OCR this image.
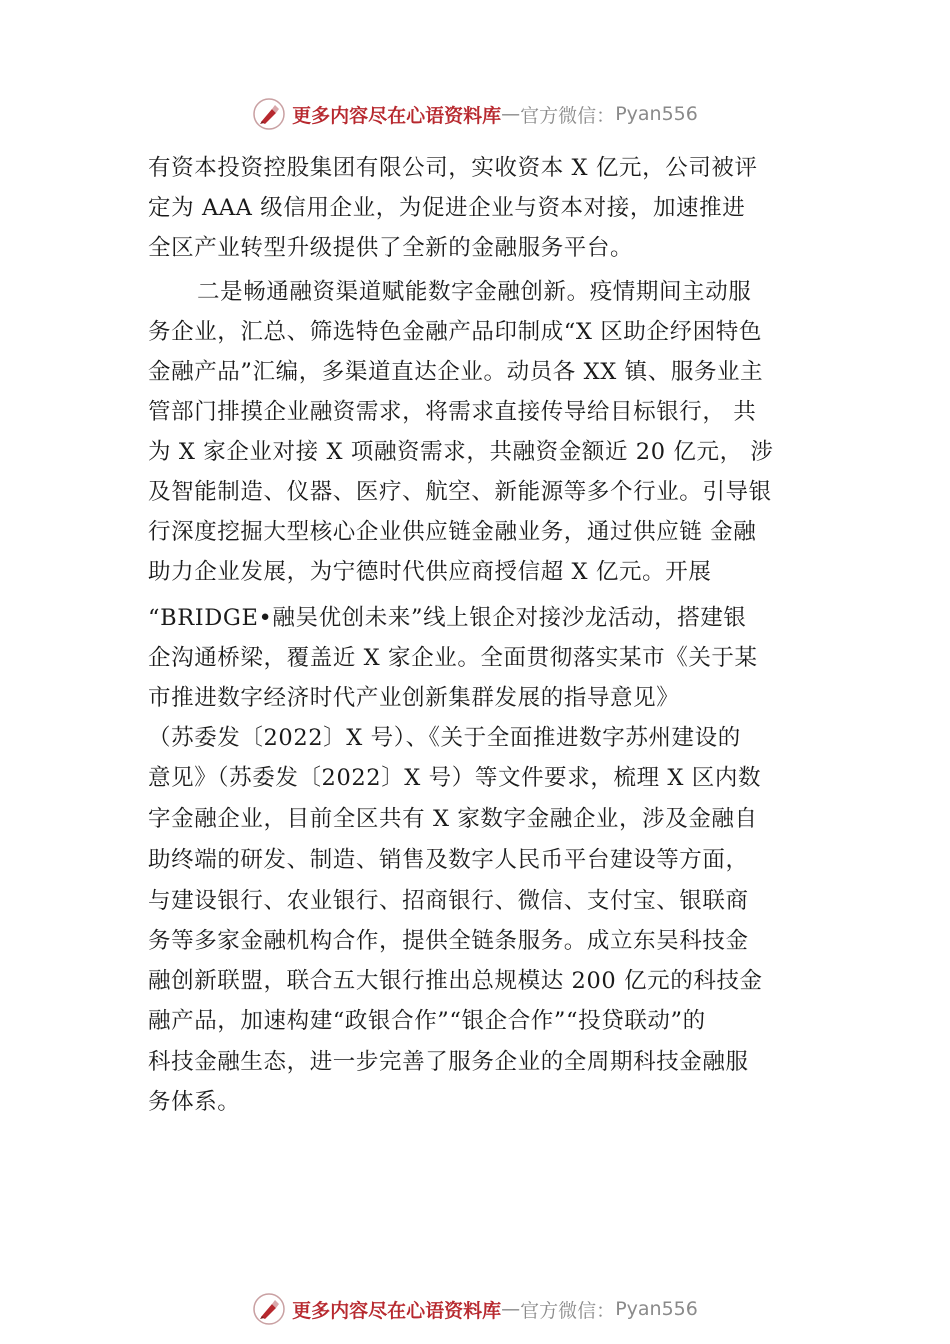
更多内容尽在心语资料库 — 官方微信： Pyan556
有资本投资控股集团有限公司，实收资本 X 亿元，公司被评
定为 AAA 级信用企业，为促进企业与资本对接，加速推进
全区产业转型升级提供了全新的金融服务平台。
二是畅通融资渠道赋能数字金融创新。疫情期间主动服
务企业，汇总、筛选特色金融产品印制成“X 区助企纾困特色
金融产品”汇编，多渠道直达企业。动员各 XX 镇、服务业主
管部门排摸企业融资需求，将需求直接传导给目标银行， 共
为 X 家企业对接 X 项融资需求，共融资金额近 20 亿元， 涉
及智能制造、仪器、医疗、航空、新能源等多个行业。引导银
行深度挖掘大型核心企业供应链金融业务，通过供应链 金融
助力企业发展，为宁德时代供应商授信超 X 亿元。开展
“BRIDGE•融吴优创未来”线上银企对接沙龙活动，搭建银
企沟通桥梁，覆盖近 X 家企业。全面贯彻落实某市《关于某
市推进数字经济时代产业创新集群发展的指导意见》
（苏委发〔2022〕X 号）、《关于全面推进数字苏州建设的
意见》（苏委发〔2022〕X 号）等文件要求，梳理 X 区内数
字金融企业，目前全区共有 X 家数字金融企业，涉及金融自
助终端的研发、制造、销售及数字人民币平台建设等方面，
与建设银行、农业银行、招商银行、微信、支付宝、银联商
务等多家金融机构合作，提供全链条服务。成立东吴科技金
融创新联盟，联合五大银行推出总规模达 200 亿元的科技金
融产品，加速构建“政银合作”“银企合作”“投贷联动”的
科技金融生态，进一步完善了服务企业的全周期科技金融服
务体系。
更多内容尽在心语资料库 — 官方微信： Pyan556
